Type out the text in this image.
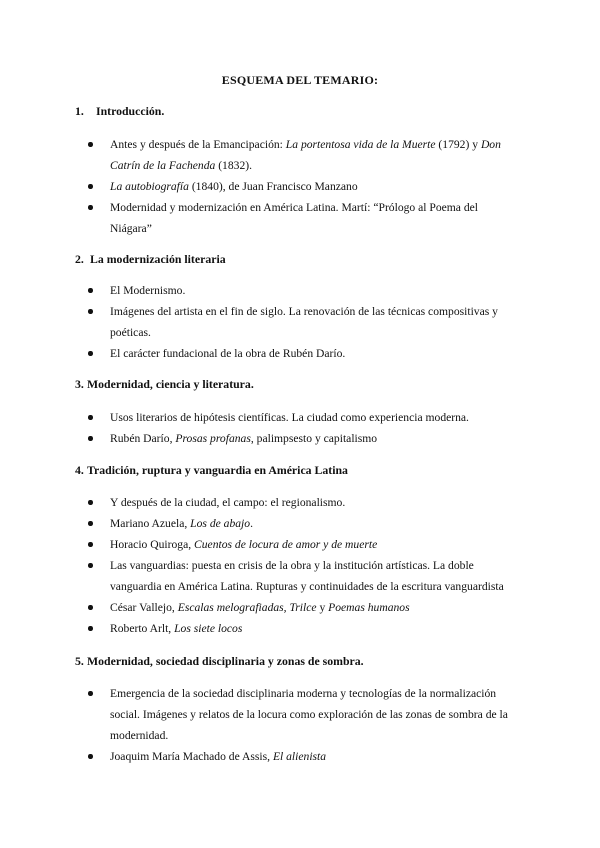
ESQUEMA DEL TEMARIO:
1. Introducción.
Antes y después de la Emancipación: La portentosa vida de la Muerte (1792) y Don Catrín de la Fachenda (1832).
La autobiografía (1840), de Juan Francisco Manzano
Modernidad y modernización en América Latina. Martí: “Prólogo al Poema del Niágara”
2. La modernización literaria
El Modernismo.
Imágenes del artista en el fin de siglo. La renovación de las técnicas compositivas y poéticas.
El carácter fundacional de la obra de Rubén Darío.
3. Modernidad, ciencia y literatura.
Usos literarios de hipótesis científicas. La ciudad como experiencia moderna.
Rubén Darío, Prosas profanas, palimpsesto y capitalismo
4. Tradición, ruptura y vanguardia en América Latina
Y después de la ciudad, el campo: el regionalismo.
Mariano Azuela, Los de abajo.
Horacio Quiroga, Cuentos de locura de amor y de muerte
Las vanguardias: puesta en crisis de la obra y la institución artísticas. La doble vanguardia en América Latina. Rupturas y continuidades de la escritura vanguardista
César Vallejo, Escalas melografiadas, Trilce y Poemas humanos
Roberto Arlt, Los siete locos
5. Modernidad, sociedad disciplinaria y zonas de sombra.
Emergencia de la sociedad disciplinaria moderna y tecnologías de la normalización social. Imágenes y relatos de la locura como exploración de las zonas de sombra de la modernidad.
Joaquim María Machado de Assis, El alienista
